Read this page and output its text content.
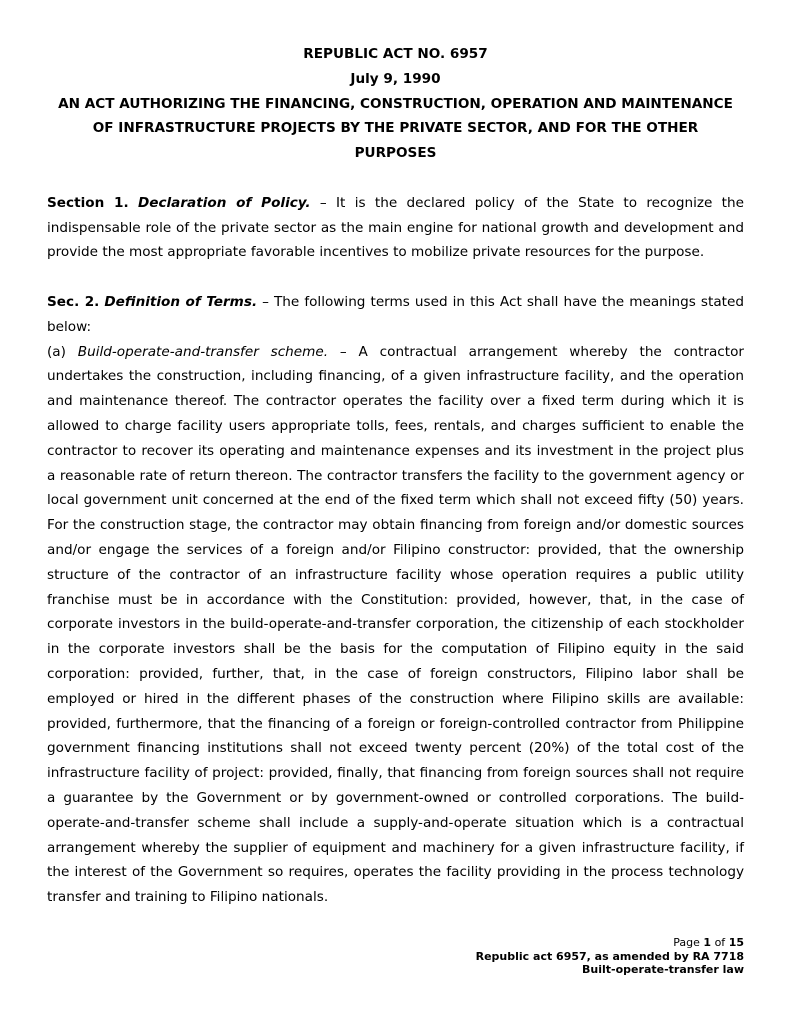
REPUBLIC ACT NO. 6957
July 9, 1990
AN ACT AUTHORIZING THE FINANCING, CONSTRUCTION, OPERATION AND MAINTENANCE
OF INFRASTRUCTURE PROJECTS BY THE PRIVATE SECTOR, AND FOR THE OTHER
PURPOSES

Section 1. Declaration of Policy. – It is the declared policy of the State to recognize the indispensable role of the private sector as the main engine for national growth and development and provide the most appropriate favorable incentives to mobilize private resources for the purpose.

Sec. 2. Definition of Terms. – The following terms used in this Act shall have the meanings stated below:

(a) Build-operate-and-transfer scheme. – A contractual arrangement whereby the contractor undertakes the construction, including financing, of a given infrastructure facility, and the operation and maintenance thereof. The contractor operates the facility over a fixed term during which it is allowed to charge facility users appropriate tolls, fees, rentals, and charges sufficient to enable the contractor to recover its operating and maintenance expenses and its investment in the project plus a reasonable rate of return thereon. The contractor transfers the facility to the government agency or local government unit concerned at the end of the fixed term which shall not exceed fifty (50) years. For the construction stage, the contractor may obtain financing from foreign and/or domestic sources and/or engage the services of a foreign and/or Filipino constructor: provided, that the ownership structure of the contractor of an infrastructure facility whose operation requires a public utility franchise must be in accordance with the Constitution: provided, however, that, in the case of corporate investors in the build-operate-and-transfer corporation, the citizenship of each stockholder in the corporate investors shall be the basis for the computation of Filipino equity in the said corporation: provided, further, that, in the case of foreign constructors, Filipino labor shall be employed or hired in the different phases of the construction where Filipino skills are available: provided, furthermore, that the financing of a foreign or foreign-controlled contractor from Philippine government financing institutions shall not exceed twenty percent (20%) of the total cost of the infrastructure facility of project: provided, finally, that financing from foreign sources shall not require a guarantee by the Government or by government-owned or controlled corporations. The build-operate-and-transfer scheme shall include a supply-and-operate situation which is a contractual arrangement whereby the supplier of equipment and machinery for a given infrastructure facility, if the interest of the Government so requires, operates the facility providing in the process technology transfer and training to Filipino nationals.

Page 1 of 15
Republic act 6957, as amended by RA 7718
Built-operate-transfer law
